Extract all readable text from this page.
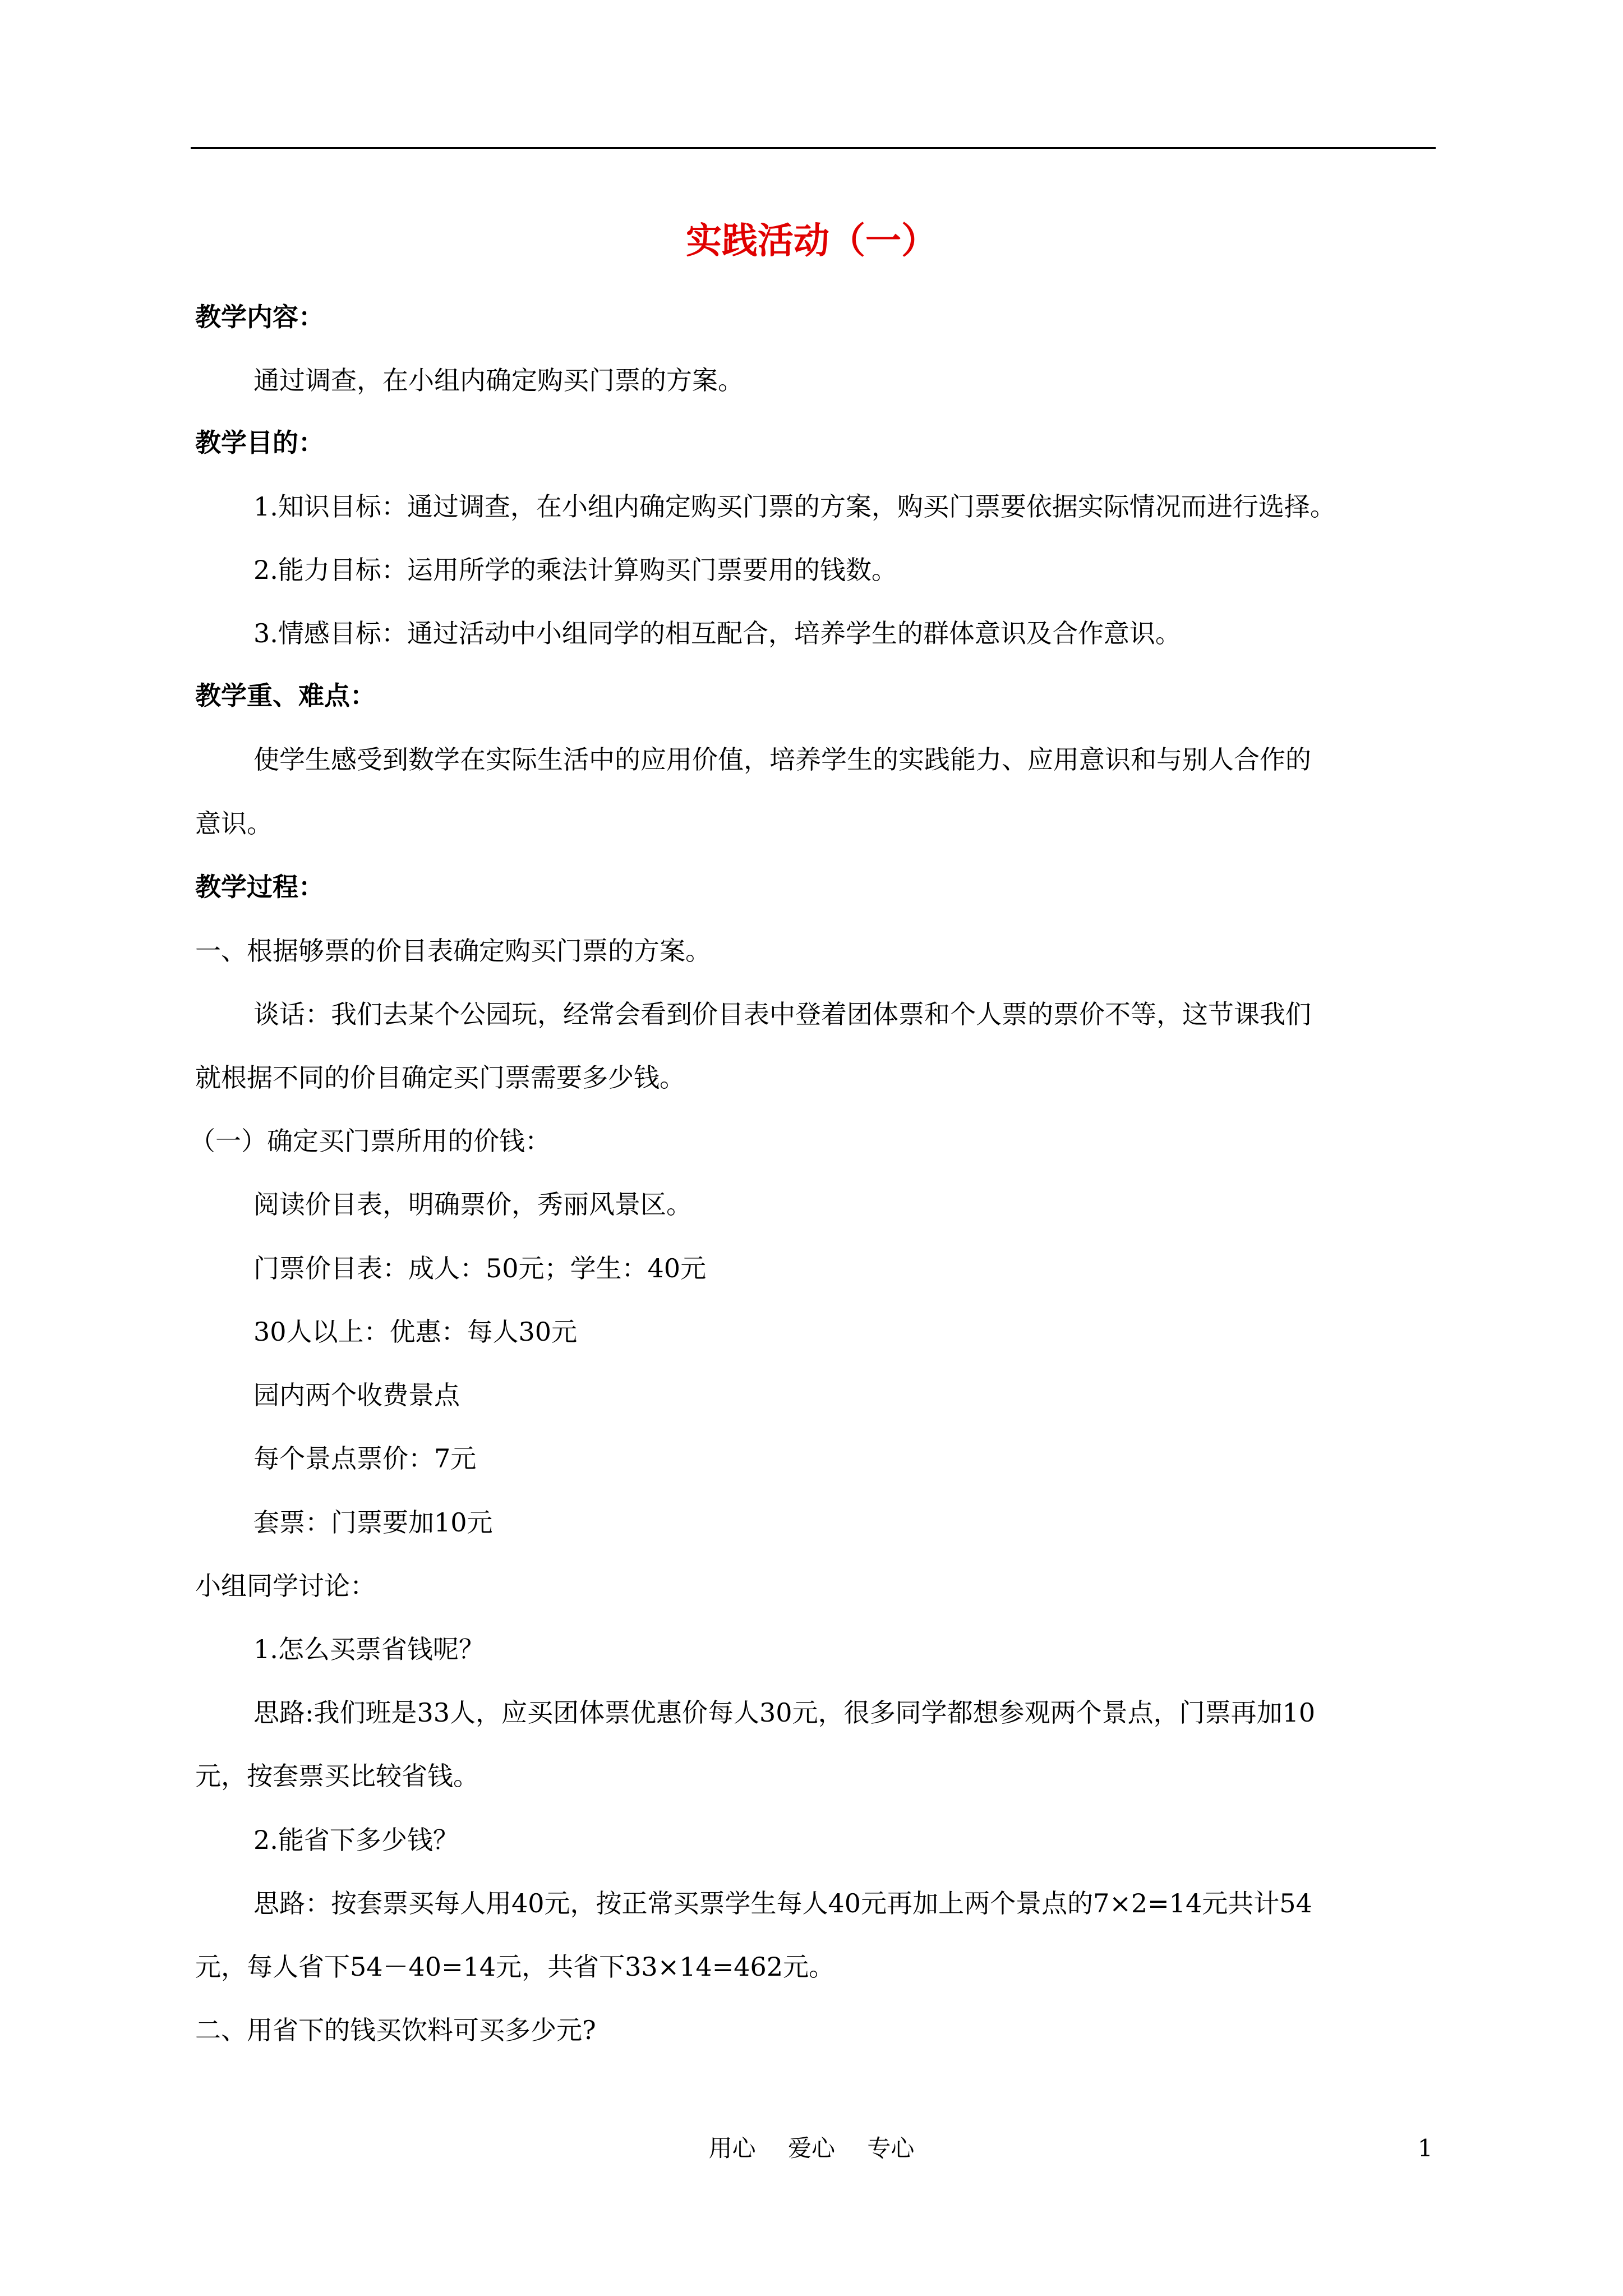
实践活动（一）
教学内容：
通过调查，在小组内确定购买门票的方案。
教学目的：
1.知识目标：通过调查，在小组内确定购买门票的方案，购买门票要依据实际情况而进行选择。
2.能力目标：运用所学的乘法计算购买门票要用的钱数。
3.情感目标：通过活动中小组同学的相互配合，培养学生的群体意识及合作意识。
教学重、难点：
使学生感受到数学在实际生活中的应用价值，培养学生的实践能力、应用意识和与别人合作的
意识。
教学过程：
一、根据够票的价目表确定购买门票的方案。
谈话：我们去某个公园玩，经常会看到价目表中登着团体票和个人票的票价不等，这节课我们
就根据不同的价目确定买门票需要多少钱。
（一）确定买门票所用的价钱：
阅读价目表，明确票价，秀丽风景区。
门票价目表：成人：50元；学生：40元
30人以上：优惠：每人30元
园内两个收费景点
每个景点票价：7元
套票：门票要加10元
小组同学讨论：
1.怎么买票省钱呢？
思路:我们班是33人，应买团体票优惠价每人30元，很多同学都想参观两个景点，门票再加10
元，按套票买比较省钱。
2.能省下多少钱？
思路：按套票买每人用40元，按正常买票学生每人40元再加上两个景点的7×2=14元共计54
元，每人省下54－40=14元，共省下33×14=462元。
二、用省下的钱买饮料可买多少元?
用心 爱心 专心	1
